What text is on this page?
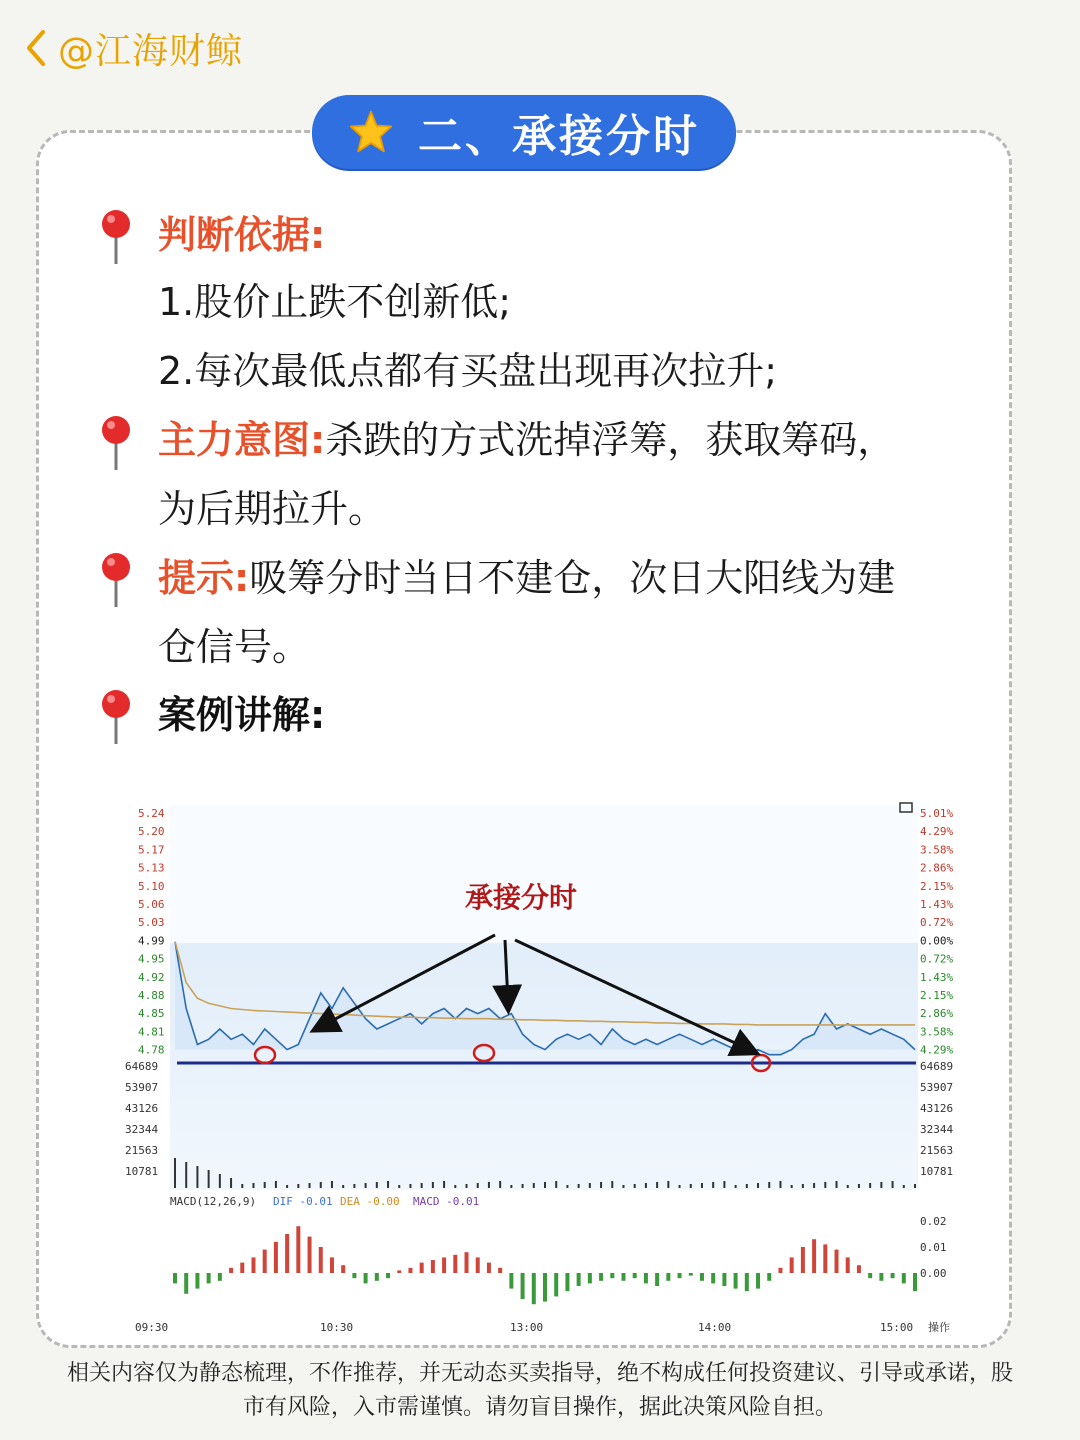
@江海财鲸
二、承接分时
判断依据:
1.股价止跌不创新低;
2.每次最低点都有买盘出现再次拉升;
主力意图:杀跌的方式洗掉浮筹，获取筹码，
为后期拉升。
提示:吸筹分时当日不建仓，次日大阳线为建
仓信号。
案例讲解:
5.24
5.20
5.17
5.13
5.10
5.06
5.03
4.99
4.95
4.92
4.88
4.85
4.81
4.78
5.01%
4.29%
3.58%
2.86%
2.15%
1.43%
0.72%
0.00%
0.72%
1.43%
2.15%
2.86%
3.58%
4.29%
64689	64689
53907	53907
43126	43126
32344	32344
21563	21563
10781	10781
承接分时
MACD(12,26,9) DIF -0.01 DEA -0.00 MACD -0.01
0.02
0.01
0.00
09:30	10:30	13:00	14:00	15:00 操作
相关内容仅为静态梳理，不作推荐，并无动态买卖指导，绝不构成任何投资建议、引导或承诺，股
市有风险，入市需谨慎。请勿盲目操作，据此决策风险自担。
